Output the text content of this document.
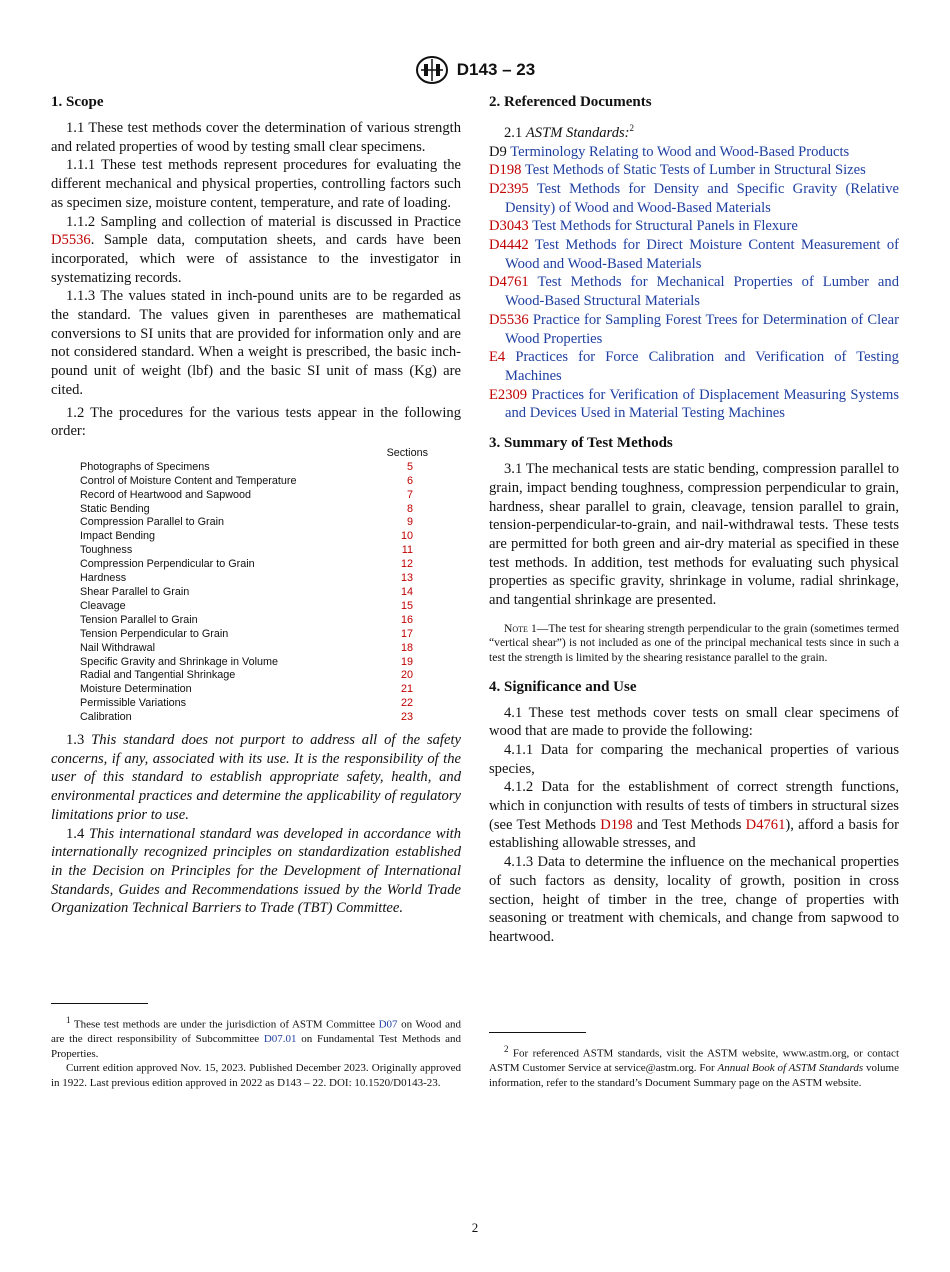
D143 – 23
1. Scope

1.1 These test methods cover the determination of various strength and related properties of wood by testing small clear specimens.

1.1.1 These test methods represent procedures for evaluating the different mechanical and physical properties, controlling factors such as specimen size, moisture content, temperature, and rate of loading.

1.1.2 Sampling and collection of material is discussed in Practice D5536. Sample data, computation sheets, and cards have been incorporated, which were of assistance to the investigator in systematizing records.

1.1.3 The values stated in inch-pound units are to be regarded as the standard. The values given in parentheses are mathematical conversions to SI units that are provided for information only and are not considered standard. When a weight is prescribed, the basic inch-pound unit of weight (lbf) and the basic SI unit of mass (Kg) are cited.

1.2 The procedures for the various tests appear in the following order:

Sections
Photographs of Specimens	5
Control of Moisture Content and Temperature	6
Record of Heartwood and Sapwood	7
Static Bending	8
Compression Parallel to Grain	9
Impact Bending	10
Toughness	11
Compression Perpendicular to Grain	12
Hardness	13
Shear Parallel to Grain	14
Cleavage	15
Tension Parallel to Grain	16
Tension Perpendicular to Grain	17
Nail Withdrawal	18
Specific Gravity and Shrinkage in Volume	19
Radial and Tangential Shrinkage	20
Moisture Determination	21
Permissible Variations	22
Calibration	23

1.3 This standard does not purport to address all of the safety concerns, if any, associated with its use. It is the responsibility of the user of this standard to establish appropriate safety, health, and environmental practices and determine the applicability of regulatory limitations prior to use.

1.4 This international standard was developed in accordance with internationally recognized principles on standardization established in the Decision on Principles for the Development of International Standards, Guides and Recommendations issued by the World Trade Organization Technical Barriers to Trade (TBT) Committee.

$^1$ These test methods are under the jurisdiction of ASTM Committee D07 on Wood and are the direct responsibility of Subcommittee D07.01 on Fundamental Test Methods and Properties.

Current edition approved Nov. 15, 2023. Published December 2023. Originally approved in 1922. Last previous edition approved in 2022 as D143 – 22. DOI: 10.1520/D0143-23.

2. Referenced Documents

2.1 ASTM Standards:$^2$

D9 Terminology Relating to Wood and Wood-Based Products

D198 Test Methods of Static Tests of Lumber in Structural Sizes

D2395 Test Methods for Density and Specific Gravity (Relative Density) of Wood and Wood-Based Materials

D3043 Test Methods for Structural Panels in Flexure

D4442 Test Methods for Direct Moisture Content Measurement of Wood and Wood-Based Materials

D4761 Test Methods for Mechanical Properties of Lumber and Wood-Based Structural Materials

D5536 Practice for Sampling Forest Trees for Determination of Clear Wood Properties

E4 Practices for Force Calibration and Verification of Testing Machines

E2309 Practices for Verification of Displacement Measuring Systems and Devices Used in Material Testing Machines

3. Summary of Test Methods

3.1 The mechanical tests are static bending, compression parallel to grain, impact bending toughness, compression perpendicular to grain, hardness, shear parallel to grain, cleavage, tension parallel to grain, tension-perpendicular-to-grain, and nail-withdrawal tests. These tests are permitted for both green and air-dry material as specified in these test methods. In addition, test methods for evaluating such physical properties as specific gravity, shrinkage in volume, radial shrinkage, and tangential shrinkage are presented.

Note 1—The test for shearing strength perpendicular to the grain (sometimes termed “vertical shear”) is not included as one of the principal mechanical tests since in such a test the strength is limited by the shearing resistance parallel to the grain.

4. Significance and Use

4.1 These test methods cover tests on small clear specimens of wood that are made to provide the following:

4.1.1 Data for comparing the mechanical properties of various species,

4.1.2 Data for the establishment of correct strength functions, which in conjunction with results of tests of timbers in structural sizes (see Test Methods D198 and Test Methods D4761), afford a basis for establishing allowable stresses, and

4.1.3 Data to determine the influence on the mechanical properties of such factors as density, locality of growth, position in cross section, height of timber in the tree, change of properties with seasoning or treatment with chemicals, and change from sapwood to heartwood.

$^2$ For referenced ASTM standards, visit the ASTM website, www.astm.org, or contact ASTM Customer Service at service@astm.org. For Annual Book of ASTM Standards volume information, refer to the standard’s Document Summary page on the ASTM website.

2
